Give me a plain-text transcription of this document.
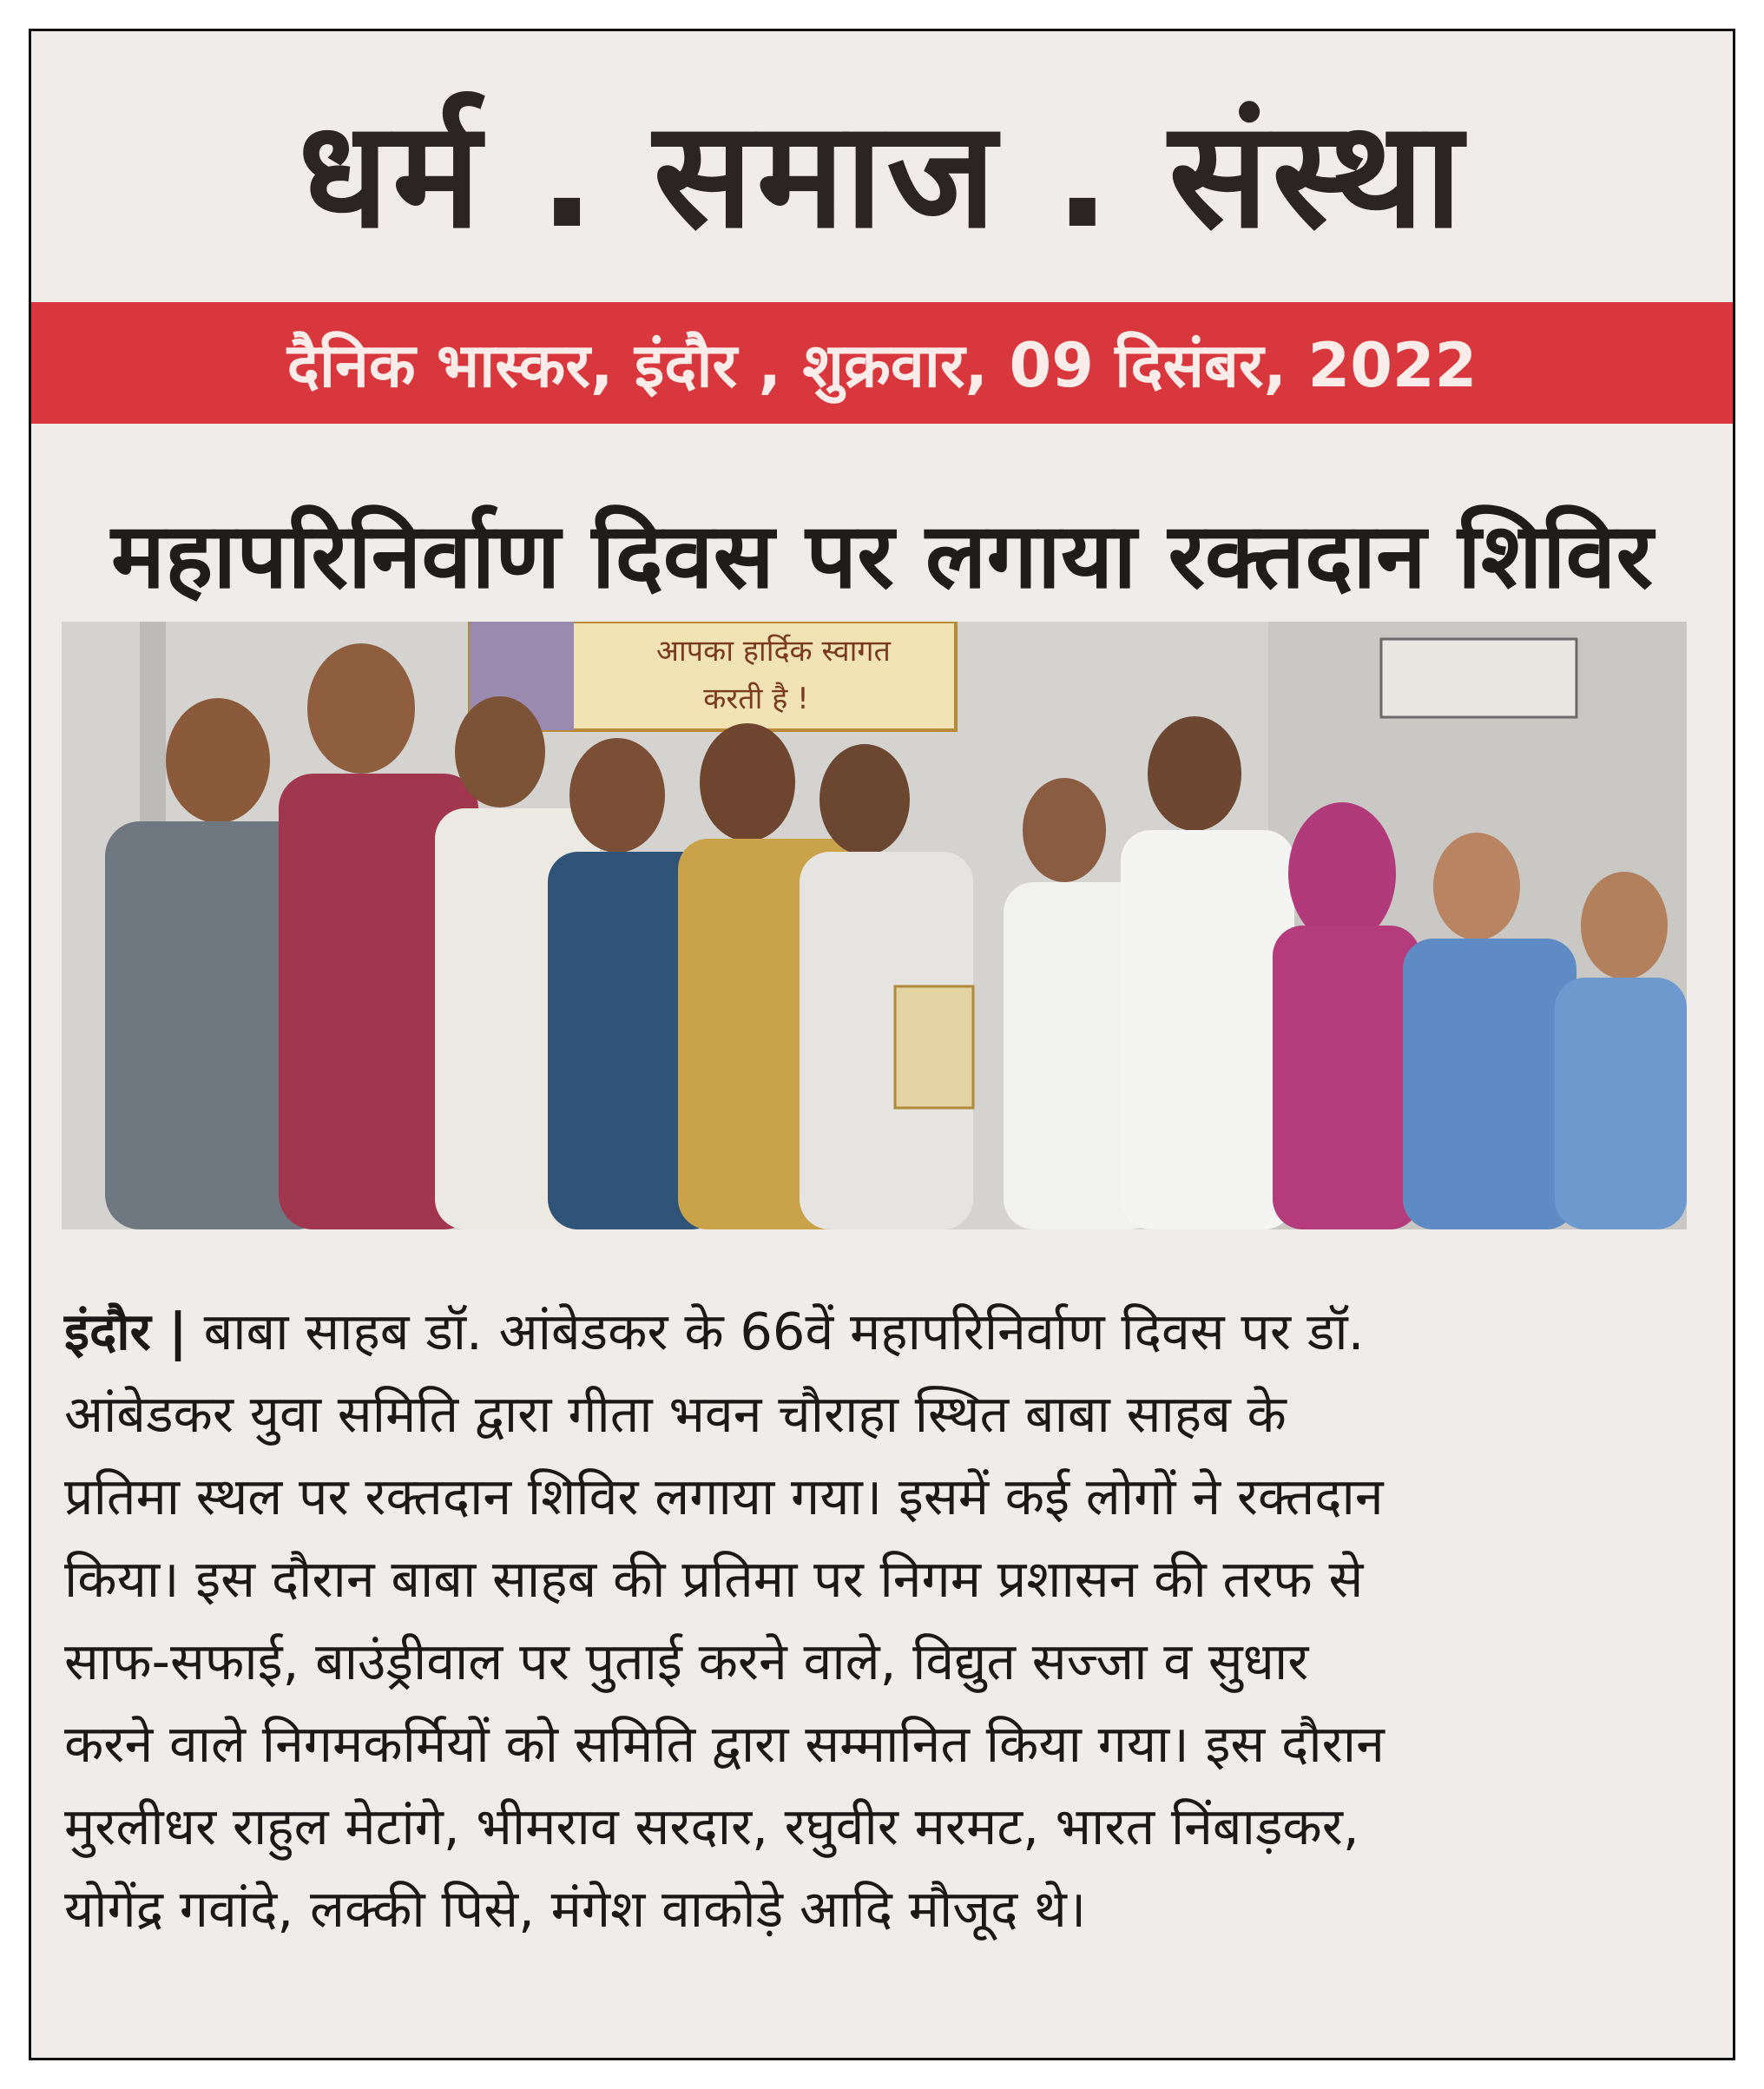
धर्म . समाज . संस्था
दैनिक भास्कर, इंदौर , शुक्रवार, 09 दिसंबर, 2022
महापरिनिर्वाण दिवस पर लगाया रक्तदान शिविर
आपका हार्दिक स्वागत
करती है !
इंदौर | बाबा साहब डॉ. आंबेडकर के 66वें महापरिनिर्वाण दिवस पर डॉ.
आंबेडकर युवा समिति द्वारा गीता भवन चौराहा स्थित बाबा साहब के
प्रतिमा स्थल पर रक्तदान शिविर लगाया गया। इसमें कई लोगों ने रक्तदान
किया। इस दौरान बाबा साहब की प्रतिमा पर निगम प्रशासन की तरफ से
साफ-सफाई, बाउंड्रीवाल पर पुताई करने वाले, विद्युत सज्जा व सुधार
करने वाले निगमकर्मियों को समिति द्वारा सम्मानित किया गया। इस दौरान
मुरलीधर राहुल मेटांगे, भीमराव सरदार, रघुवीर मरमट, भारत निंबाड़कर,
योगेंद्र गवांदे, लक्की पिसे, मंगेश वाकोड़े आदि मौजूद थे।
